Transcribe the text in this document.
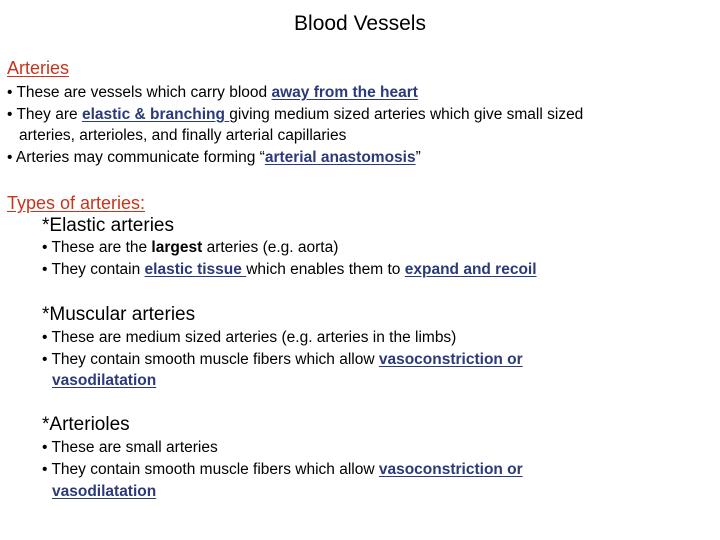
Blood Vessels
Arteries
• These are vessels which carry blood away from the heart
• They are elastic & branching giving medium sized arteries which give small sized
arteries, arterioles, and finally arterial capillaries
• Arteries may communicate forming “arterial anastomosis”
Types of arteries:
*Elastic arteries
• These are the largest arteries (e.g. aorta)
• They contain elastic tissue which enables them to expand and recoil
*Muscular arteries
• These are medium sized arteries (e.g. arteries in the limbs)
• They contain smooth muscle fibers which allow vasoconstriction or
vasodilatation
*Arterioles
• These are small arteries
• They contain smooth muscle fibers which allow vasoconstriction or
vasodilatation
